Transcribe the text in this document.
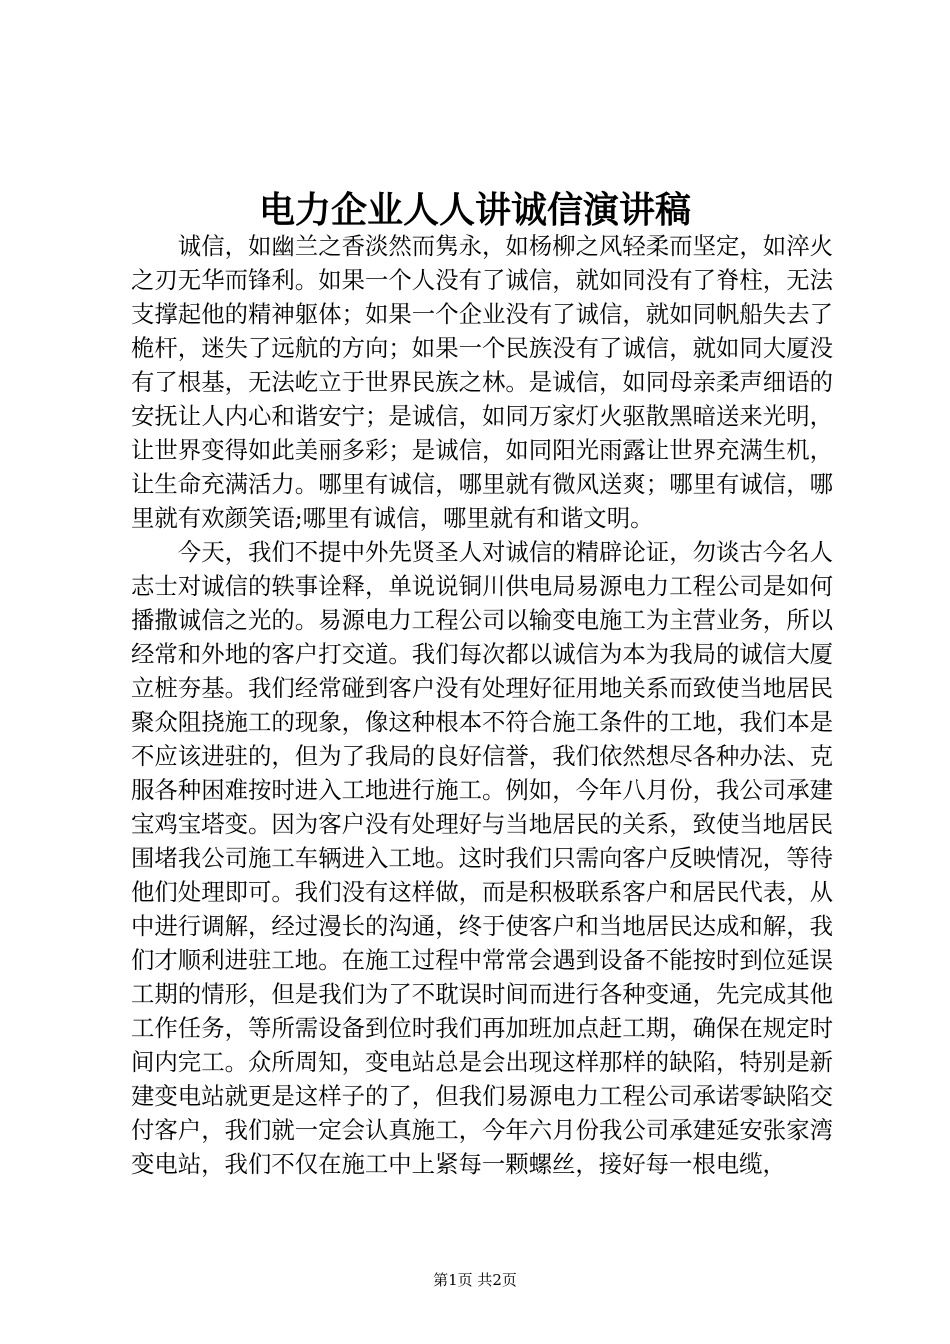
电力企业人人讲诚信演讲稿

诚信，如幽兰之香淡然而隽永，如杨柳之风轻柔而坚定，如淬火之刃无华而锋利。如果一个人没有了诚信，就如同没有了脊柱，无法支撑起他的精神躯体；如果一个企业没有了诚信，就如同帆船失去了桅杆，迷失了远航的方向；如果一个民族没有了诚信，就如同大厦没有了根基，无法屹立于世界民族之林。是诚信，如同母亲柔声细语的安抚让人内心和谐安宁；是诚信，如同万家灯火驱散黑暗送来光明，让世界变得如此美丽多彩；是诚信，如同阳光雨露让世界充满生机，让生命充满活力。哪里有诚信，哪里就有微风送爽；哪里有诚信，哪里就有欢颜笑语;哪里有诚信，哪里就有和谐文明。

今天，我们不提中外先贤圣人对诚信的精辟论证，勿谈古今名人志士对诚信的轶事诠释，单说说铜川供电局易源电力工程公司是如何播撒诚信之光的。易源电力工程公司以输变电施工为主营业务，所以经常和外地的客户打交道。我们每次都以诚信为本为我局的诚信大厦立桩夯基。我们经常碰到客户没有处理好征用地关系而致使当地居民聚众阻挠施工的现象，像这种根本不符合施工条件的工地，我们本是不应该进驻的，但为了我局的良好信誉，我们依然想尽各种办法、克服各种困难按时进入工地进行施工。例如，今年八月份，我公司承建宝鸡宝塔变。因为客户没有处理好与当地居民的关系，致使当地居民围堵我公司施工车辆进入工地。这时我们只需向客户反映情况，等待他们处理即可。我们没有这样做，而是积极联系客户和居民代表，从中进行调解，经过漫长的沟通，终于使客户和当地居民达成和解，我们才顺利进驻工地。在施工过程中常常会遇到设备不能按时到位延误工期的情形，但是我们为了不耽误时间而进行各种变通，先完成其他工作任务，等所需设备到位时我们再加班加点赶工期，确保在规定时间内完工。众所周知，变电站总是会出现这样那样的缺陷，特别是新建变电站就更是这样子的了，但我们易源电力工程公司承诺零缺陷交付客户，我们就一定会认真施工，今年六月份我公司承建延安张家湾变电站，我们不仅在施工中上紧每一颗螺丝，接好每一根电缆，

第1页 共2页
